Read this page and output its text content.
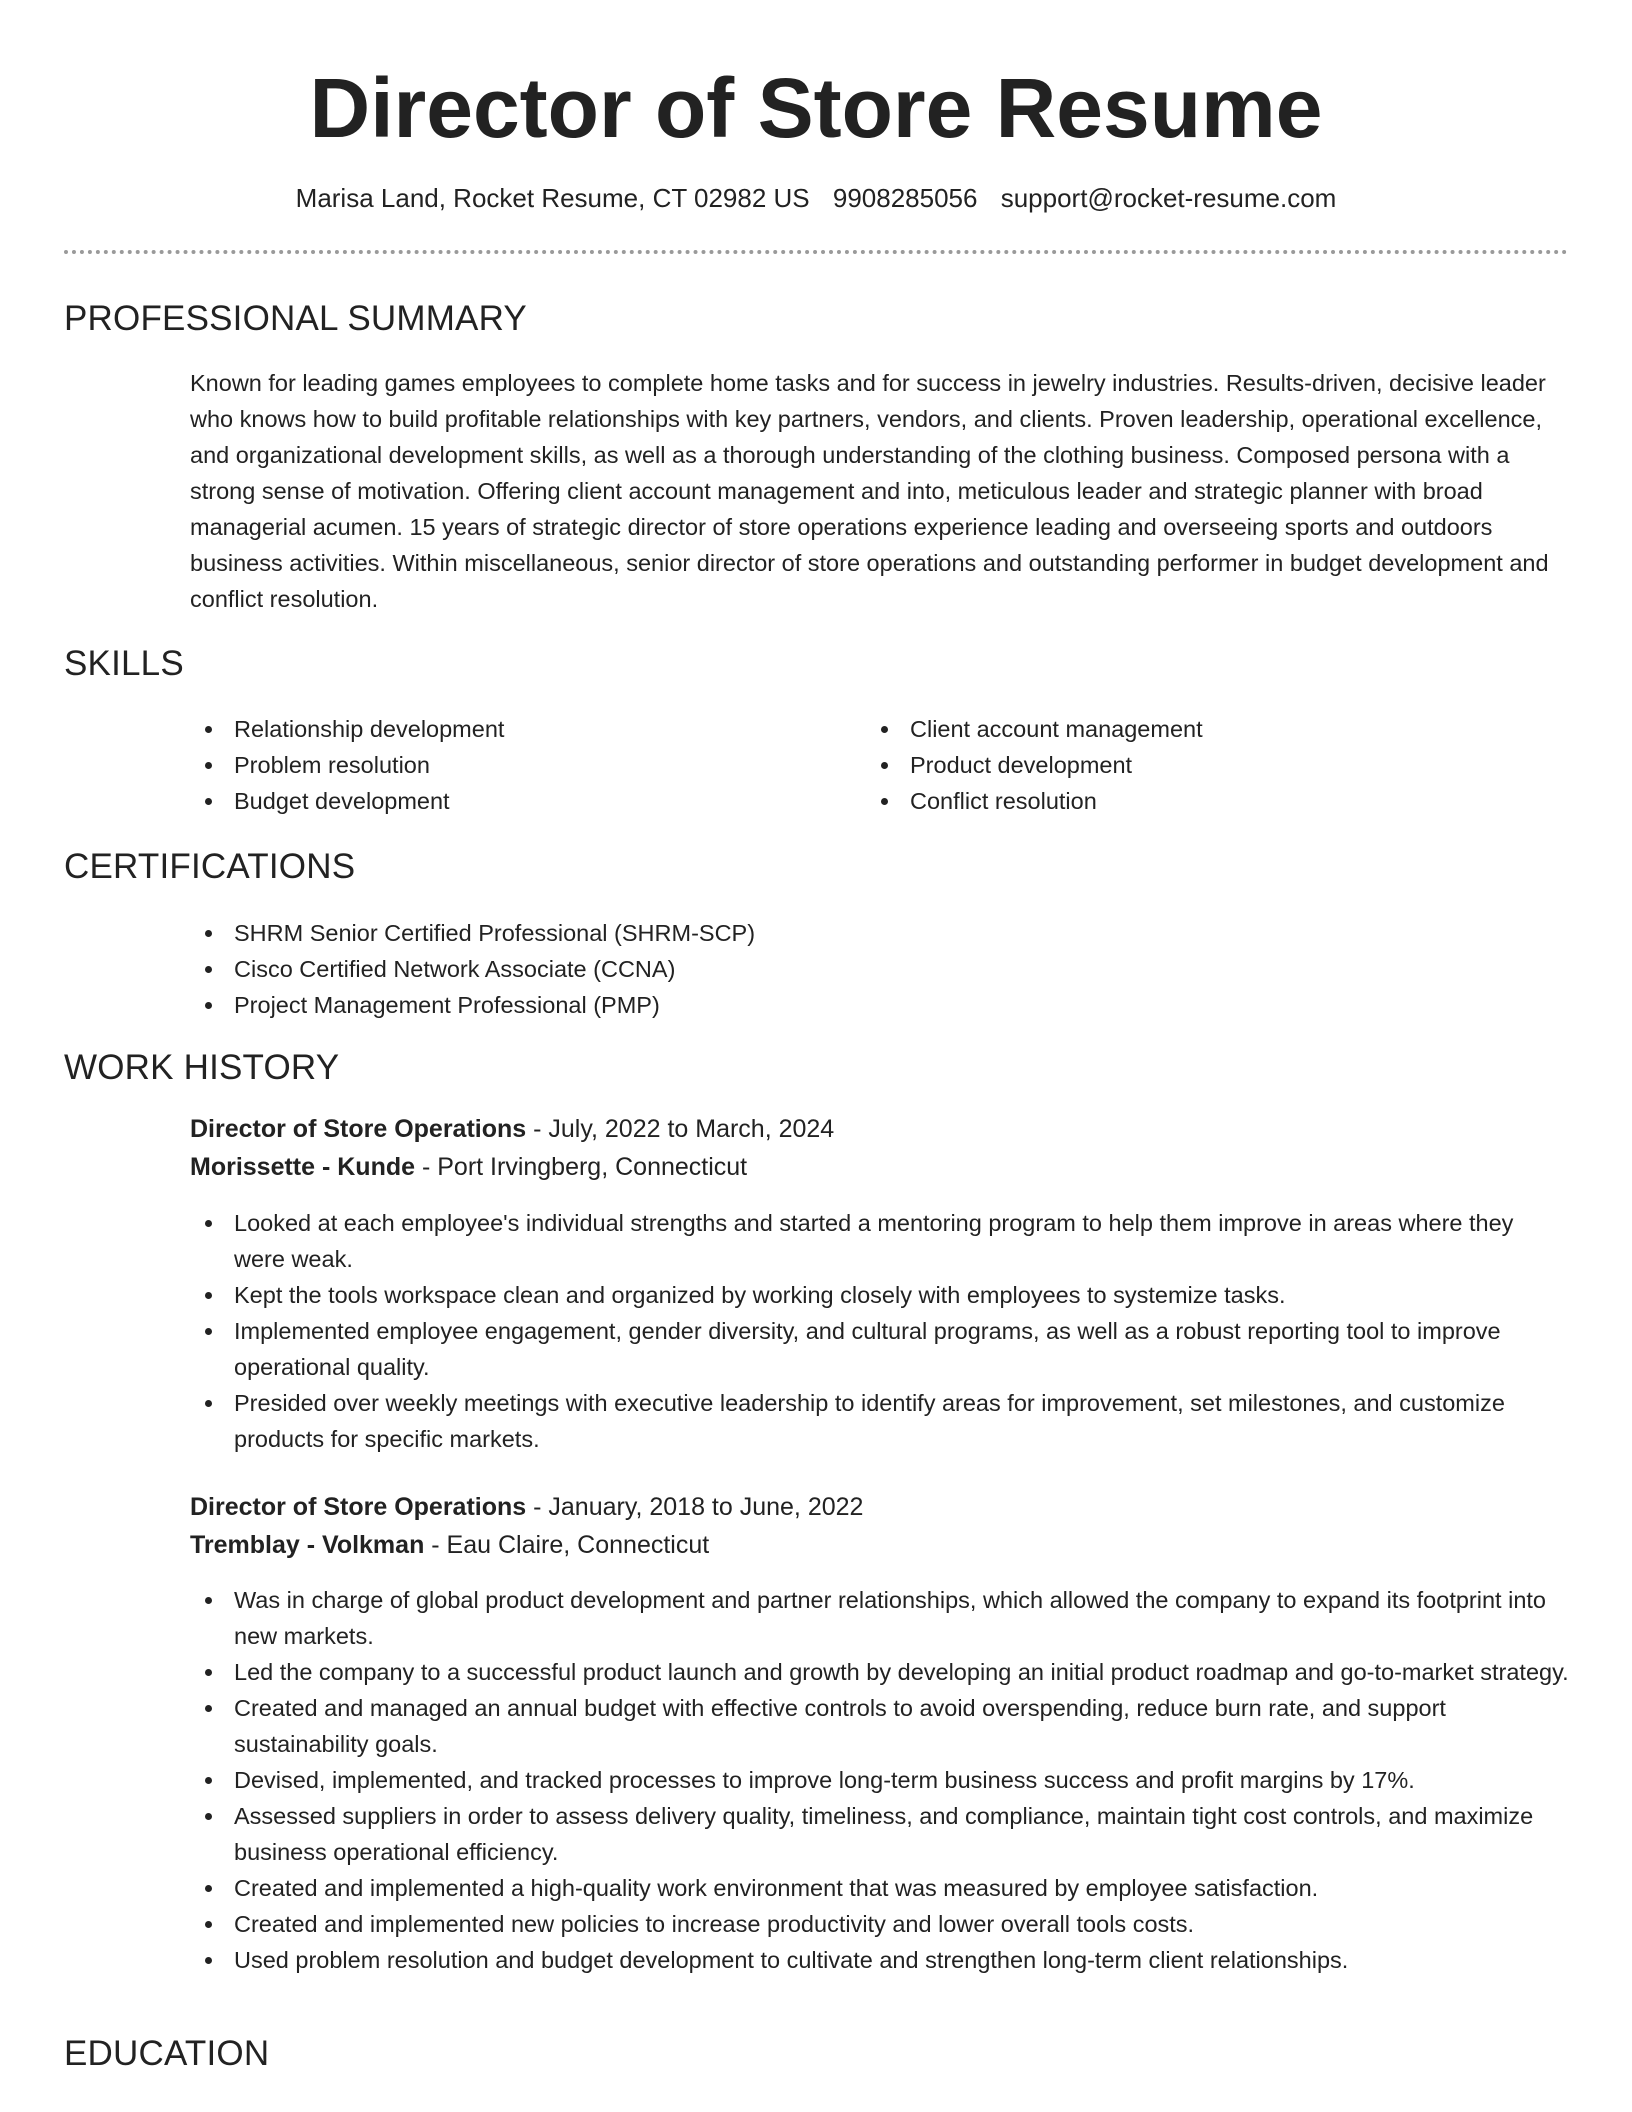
Director of Store Resume
Marisa Land, Rocket Resume, CT 02982 US 9908285056 support@rocket-resume.com
PROFESSIONAL SUMMARY

Known for leading games employees to complete home tasks and for success in jewelry industries. Results-driven, decisive leader who knows how to build profitable relationships with key partners, vendors, and clients. Proven leadership, operational excellence, and organizational development skills, as well as a thorough understanding of the clothing business. Composed persona with a strong sense of motivation. Offering client account management and into, meticulous leader and strategic planner with broad managerial acumen. 15 years of strategic director of store operations experience leading and overseeing sports and outdoors business activities. Within miscellaneous, senior director of store operations and outstanding performer in budget development and conflict resolution.

SKILLS
Relationship development
Problem resolution
Budget development
Client account management
Product development
Conflict resolution
CERTIFICATIONS
SHRM Senior Certified Professional (SHRM-SCP)
Cisco Certified Network Associate (CCNA)
Project Management Professional (PMP)
WORK HISTORY
Director of Store Operations - July, 2022 to March, 2024
Morissette - Kunde - Port Irvingberg, Connecticut
Looked at each employee's individual strengths and started a mentoring program to help them improve in areas where they were weak.
Kept the tools workspace clean and organized by working closely with employees to systemize tasks.
Implemented employee engagement, gender diversity, and cultural programs, as well as a robust reporting tool to improve operational quality.
Presided over weekly meetings with executive leadership to identify areas for improvement, set milestones, and customize products for specific markets.
Director of Store Operations - January, 2018 to June, 2022
Tremblay - Volkman - Eau Claire, Connecticut
Was in charge of global product development and partner relationships, which allowed the company to expand its footprint into new markets.
Led the company to a successful product launch and growth by developing an initial product roadmap and go-to-market strategy.
Created and managed an annual budget with effective controls to avoid overspending, reduce burn rate, and support sustainability goals.
Devised, implemented, and tracked processes to improve long-term business success and profit margins by 17%.
Assessed suppliers in order to assess delivery quality, timeliness, and compliance, maintain tight cost controls, and maximize business operational efficiency.
Created and implemented a high-quality work environment that was measured by employee satisfaction.
Created and implemented new policies to increase productivity and lower overall tools costs.
Used problem resolution and budget development to cultivate and strengthen long-term client relationships.
EDUCATION
